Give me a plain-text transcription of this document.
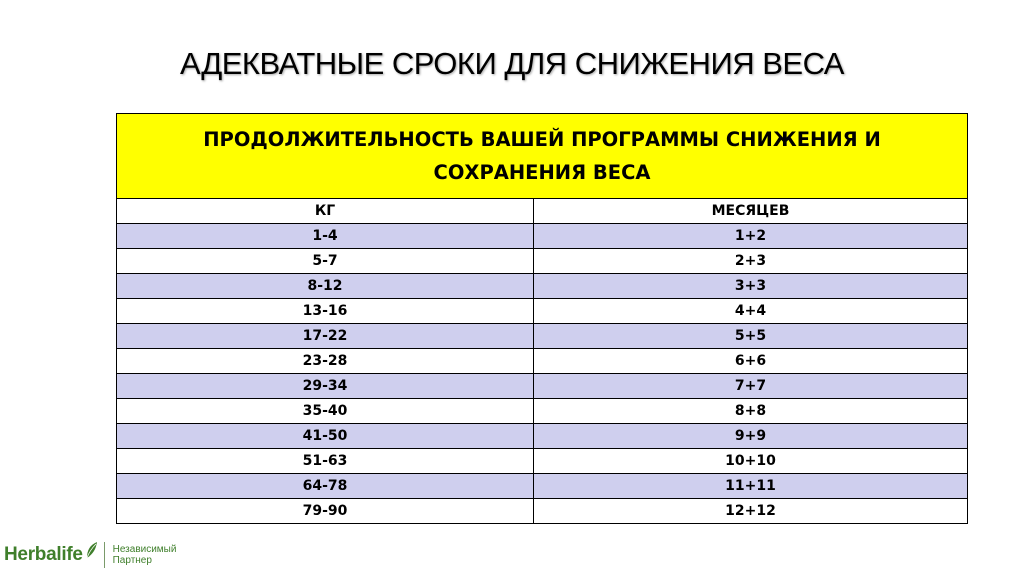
АДЕКВАТНЫЕ СРОКИ ДЛЯ СНИЖЕНИЯ ВЕСА
ПРОДОЛЖИТЕЛЬНОСТЬ ВАШЕЙ ПРОГРАММЫ СНИЖЕНИЯ И
СОХРАНЕНИЯ ВЕСА	

КГ	МЕСЯЦЕВ
1-4	1+2
5-7	2+3
8-12	3+3
13-16	4+4
17-22	5+5
23-28	6+6
29-34	7+7
35-40	8+8
41-50	9+9
51-63	10+10
64-78	11+11
79-90	12+12
Herbalife	Независимый
Партнер
